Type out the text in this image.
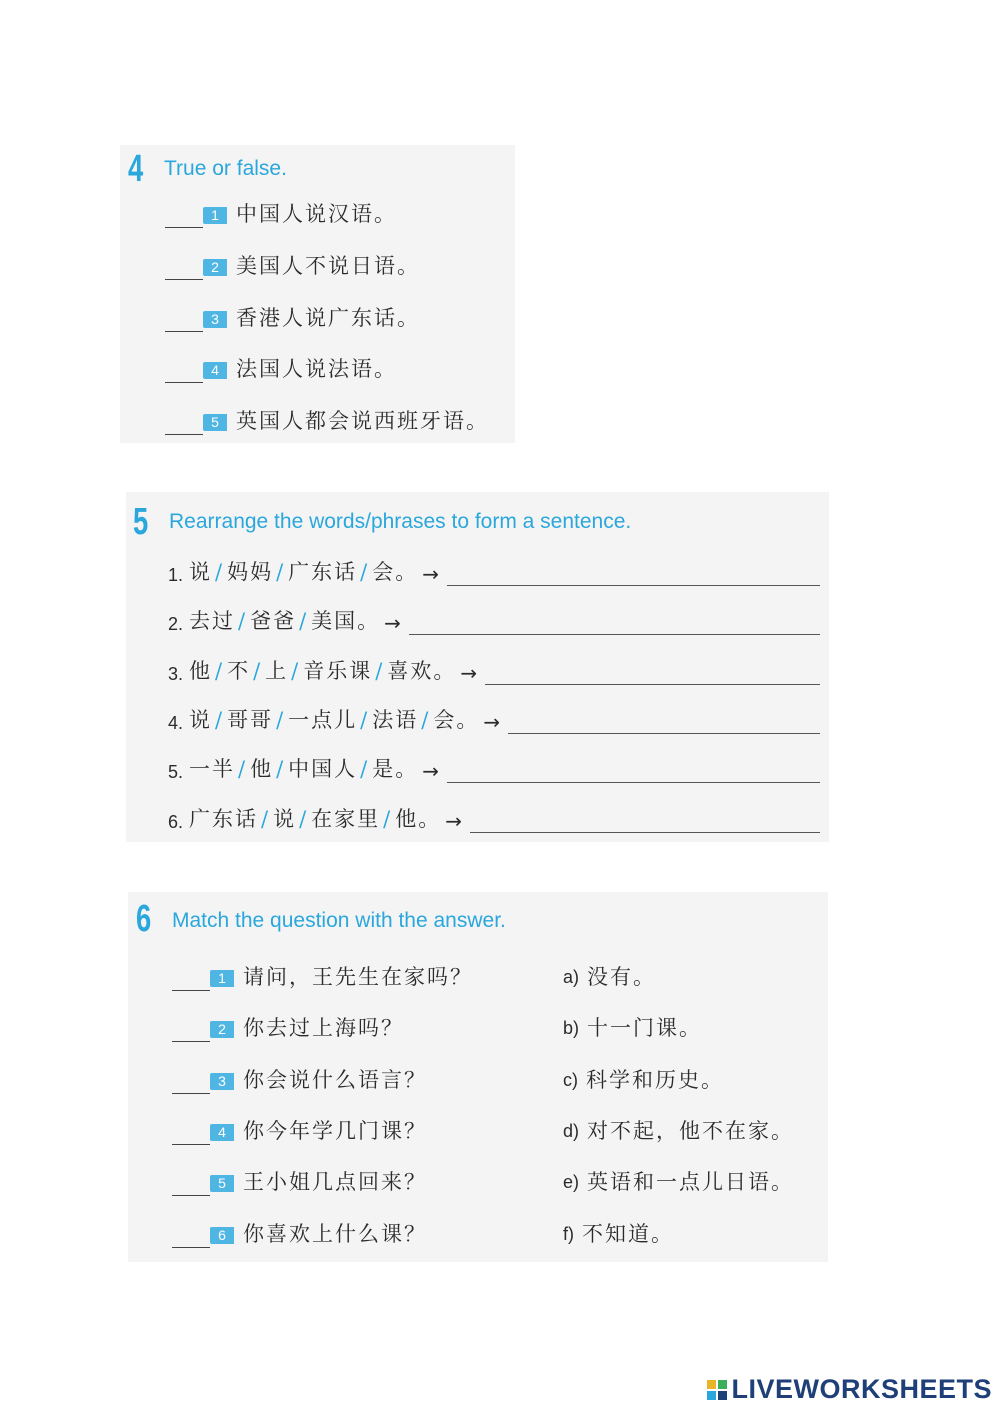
4 True or false.
1 中国人说汉语。
2 美国人不说日语。
3 香港人说广东话。
4 法国人说法语。
5 英国人都会说西班牙语。
5 Rearrange the words/phrases to form a sentence.
1. 说 / 妈妈 / 广东话 / 会。 →
2. 去过 / 爸爸 / 美国。 →
3. 他 / 不 / 上 / 音乐课 / 喜欢。 →
4. 说 / 哥哥 / 一点儿 / 法语 / 会。 →
5. 一半 / 他 / 中国人 / 是。 →
6. 广东话 / 说 / 在家里 / 他。 →
6 Match the question with the answer.
1 请问，王先生在家吗？	a) 没有。
2 你去过上海吗？	b) 十一门课。
3 你会说什么语言？	c) 科学和历史。
4 你今年学几门课？	d) 对不起，他不在家。
5 王小姐几点回来？	e) 英语和一点儿日语。
6 你喜欢上什么课？	f) 不知道。
LIVEWORKSHEETS
